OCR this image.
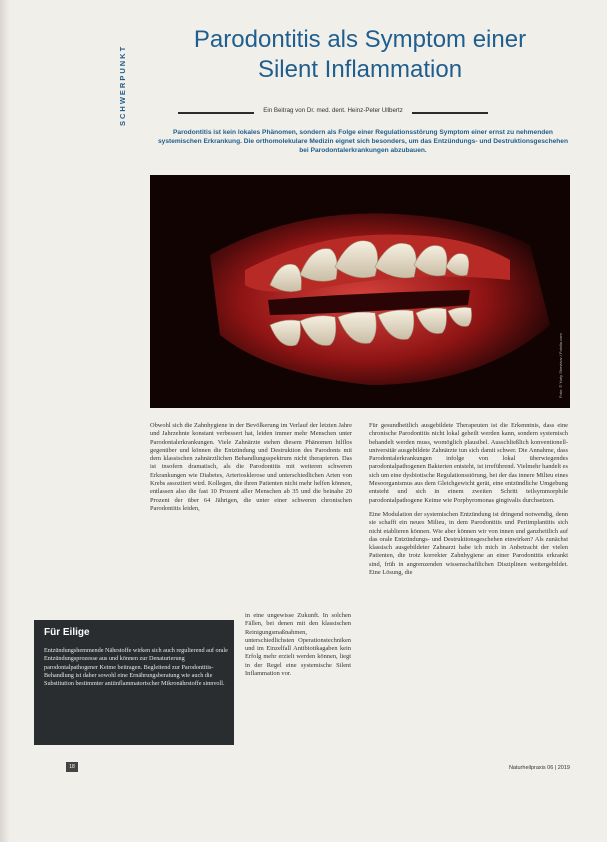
SCHWERPUNKT
Parodontitis als Symptom einer
Silent Inflammation
Ein Beitrag von Dr. med. dent. Heinz-Peter Ullbertz
Parodontitis ist kein lokales Phänomen, sondern als Folge einer Regulationsstörung Symptom einer ernst zu nehmenden systemischen Erkrankung. Die orthomolekulare Medizin eignet sich besonders, um das Entzündungs- und Destruktionsgeschehen bei Parodontalerkrankungen abzubauen.
Foto: © Yuriy Shevtsov / Fotolia.com
Obwohl sich die Zahnhygiene in der Bevölkerung im Verlauf der letzten Jahre und Jahrzehnte konstant verbessert hat, leiden immer mehr Menschen unter Parodontalerkrankungen. Viele Zahnärzte stehen diesem Phänomen hilflos gegenüber und können die Entzündung und Destruktion des Parodonts mit dem klassischen zahnärztlichen Behandlungsspektrum nicht therapieren. Das ist insofern dramatisch, als die Parodontitis mit weiteren schweren Erkrankungen wie Diabetes, Arteriosklerose und unterschiedlichen Arten von Krebs assoziiert wird. Kollegen, die ihren Patienten nicht mehr helfen können, entlassen also die fast 10 Prozent aller Menschen ab 35 und die beinahe 20 Prozent der über 64 Jährigen, die unter einer schweren chronischen Parodontitis leiden,
in eine ungewisse Zukunft. In solchen Fällen, bei denen mit den klassischen Reinigungsmaßnahmen, unterschiedlichsten Operationstechniken und im Einzelfall Antibiotikagaben kein Erfolg mehr erzielt werden können, liegt in der Regel eine systemische Silent Inflammation vor.

Für gesundheitlich ausgebildete Therapeuten ist die Erkenntnis, dass eine chronische Parodontitis nicht lokal geheilt werden kann, sondern systemisch behandelt werden muss, womöglich plausibel. Ausschließlich konventionell-universitär ausgebildete Zahnärzte tun sich damit schwer. Die Annahme, dass Parodontalerkrankungen infolge von lokal überwiegendes parodontalpathogenen Bakterien entsteht, ist irreführend. Vielmehr handelt es sich um eine dysbiotische Regulationsstörung, bei der das innere Milieu eines Mesoorganismus aus dem Gleichgewicht gerät, eine entzündliche Umgebung entsteht und sich in einem zweiten Schritt teilsymmorphile parodontalpathogene Keime wie Porphyromonas gingivalis durchsetzen.

Eine Modulation der systemischen Entzündung ist dringend notwendig, denn sie schafft ein neues Milieu, in dem Parodontitis und Periimplantitis sich nicht etablieren können. Wie aber können wir von innen und ganzheitlich auf das orale Entzündungs- und Destruktionsgeschehen einwirken? Als zunächst klassisch ausgebildeter Zahnarzt habe ich mich in Anbetracht der vielen Patienten, die trotz korrekter Zahnhygiene an einer Parodontitis erkrankt sind, früh in angrenzenden wissenschaftlichen Disziplinen weitergebildet. Eine Lösung, die

Für Eilige

Entzündungshemmende Nährstoffe wirken sich auch regulierend auf orale Entzündungsprozesse aus und können zur Denaturierung parodontalpathogener Keime beitragen. Begleitend zur Parodontitis-Behandlung ist daher sowohl eine Ernährungsberatung wie auch die Substitution bestimmter antiinflammatorischer Mikronährstoffe sinnvoll.

18	Naturheilpraxis 06 | 2019
